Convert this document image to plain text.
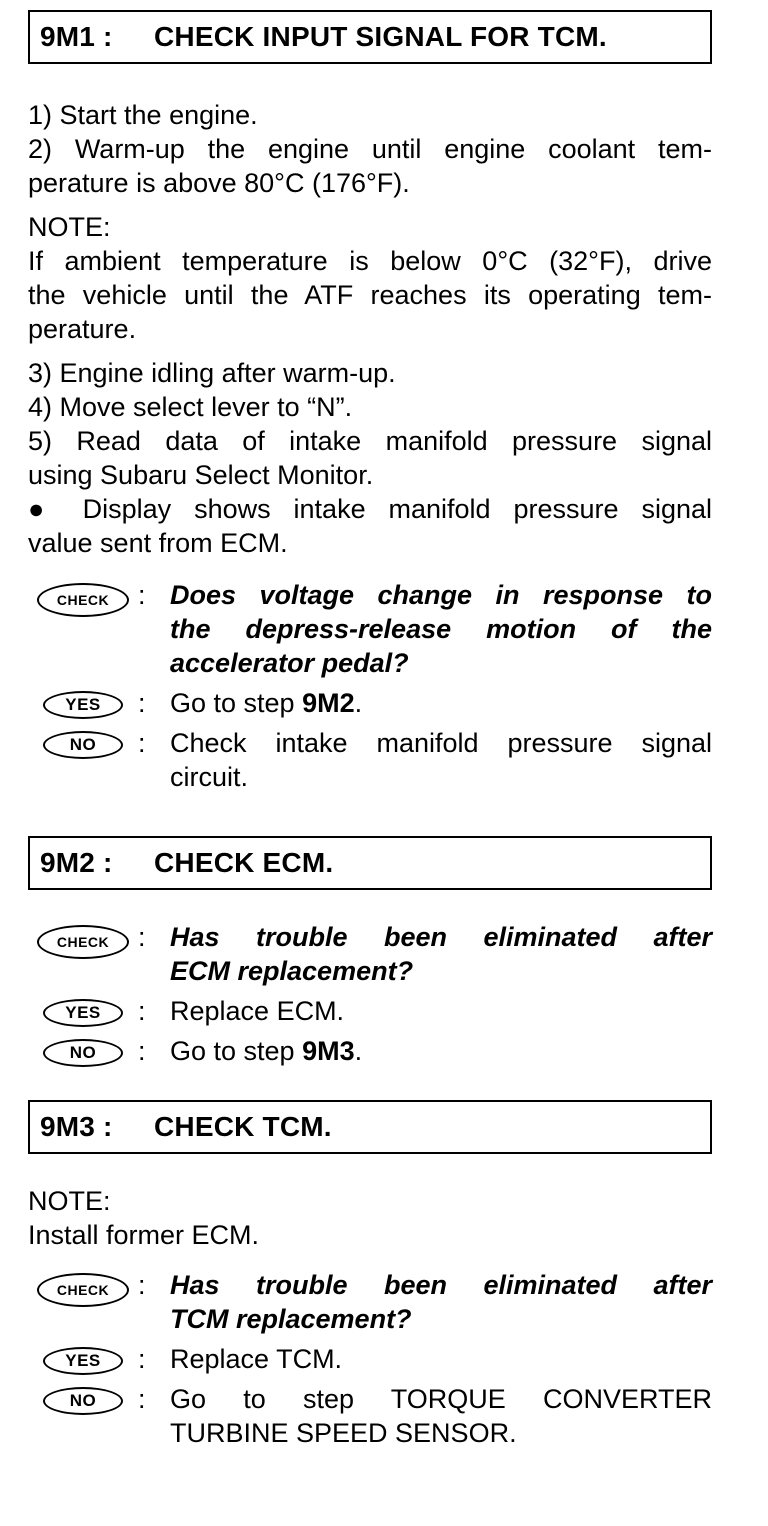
9M1 :	CHECK INPUT SIGNAL FOR TCM.
1) Start the engine.
2) Warm-up the engine until engine coolant tem-
perature is above 80°C (176°F).
NOTE:
If ambient temperature is below 0°C (32°F), drive
the vehicle until the ATF reaches its operating tem-
perature.
3) Engine idling after warm-up.
4) Move select lever to “N”.
5) Read data of intake manifold pressure signal
using Subaru Select Monitor.
● Display shows intake manifold pressure signal
value sent from ECM.
CHECK	: Does voltage change in response to
the depress-release motion of the
accelerator pedal?
YES	: Go to step 9M2.
NO	: Check intake manifold pressure signal
circuit.
9M2 :	CHECK ECM.
CHECK	: Has trouble been eliminated after
ECM replacement?
YES	: Replace ECM.
NO	: Go to step 9M3.
9M3 :	CHECK TCM.
NOTE:
Install former ECM.
CHECK	: Has trouble been eliminated after
TCM replacement?
YES	: Replace TCM.
NO	: Go to step TORQUE CONVERTER
TURBINE SPEED SENSOR.
